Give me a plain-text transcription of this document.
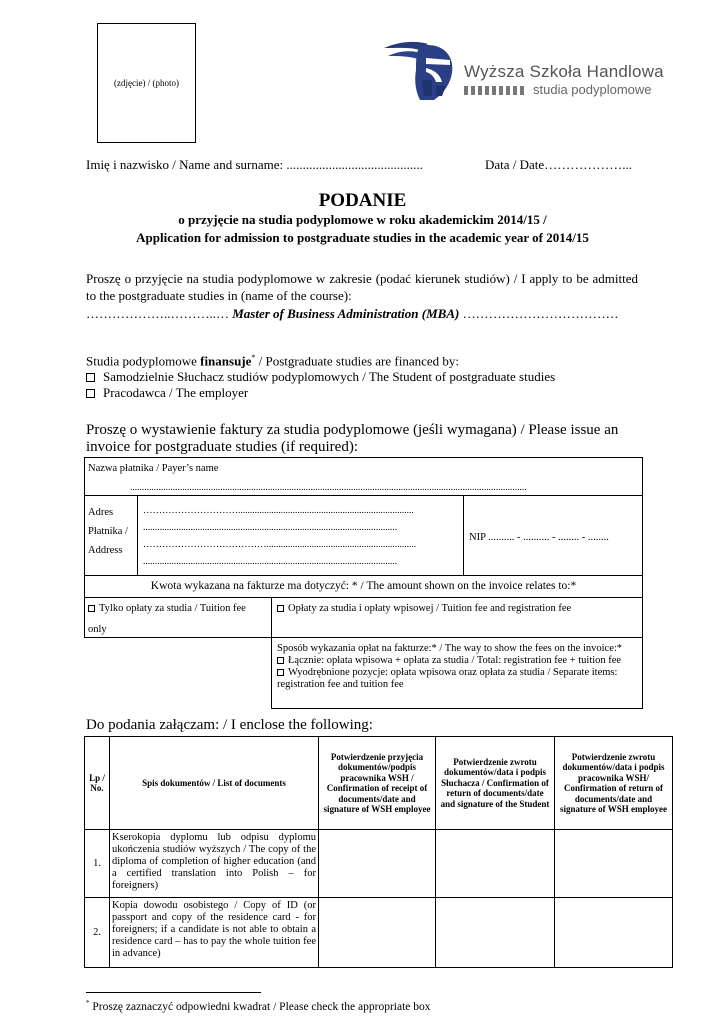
(zdjęcie) / (photo)
Wyższa Szkoła Handlowa
studia podyplomowe
Imię i nazwisko / Name and surname: ..........................................	Data / Date………………...
PODANIE
o przyjęcie na studia podyplomowe w roku akademickim 2014/15 /
Application for admission to postgraduate studies in the academic year of 2014/15
Proszę o przyjęcie na studia podyplomowe w zakresie (podać kierunek studiów) / I apply to be admitted to the postgraduate studies in (name of the course):
………………..………..… Master of Business Administration (MBA) ………………………………
Studia podyplomowe finansuje* / Postgraduate studies are financed by:
Samodzielnie Słuchacz studiów podyplomowych / The Student of postgraduate studies
Pracodawca / The employer
Proszę o wystawienie faktury za studia podyplomowe (jeśli wymagana) / Please issue an invoice for postgraduate studies (if required):
Nazwa płatnika / Payer’s name
.......................................................................................................................................................................
Adres
Płatnika /
Address
…………………………..........................................................................
...........................................................................................................
…………………………………...............................................................
...........................................................................................................
NIP .......... - .......... - ........ - ........
Kwota wykazana na fakturze ma dotyczyć: * / The amount shown on the invoice relates to:*
Tylko opłaty za studia / Tuition fee
only
Opłaty za studia i opłaty wpisowej / Tuition fee and registration fee
Sposób wykazania opłat na fakturze:* / The way to show the fees on the invoice:*
Łącznie: opłata wpisowa + opłata za studia / Total: registration fee + tuition fee
Wyodrębnione pozycje: opłata wpisowa oraz opłata za studia / Separate items: registration fee and tuition fee
Do podania załączam: / I enclose the following:
Lp / No.	Spis dokumentów / List of documents	Potwierdzenie przyjęcia dokumentów/podpis pracownika WSH / Confirmation of receipt of documents/date and signature of WSH employee	Potwierdzenie zwrotu dokumentów/data i podpis Słuchacza / Confirmation of return of documents/date and signature of the Student	Potwierdzenie zwrotu dokumentów/data i podpis pracownika WSH/ Confirmation of return of documents/date and signature of WSH employee
1.	Kserokopia dyplomu lub odpisu dyplomu ukończenia studiów wyższych / The copy of the diploma of completion of higher education (and a certified translation into Polish – for foreigners)			
2.	Kopia dowodu osobistego / Copy of ID (or passport and copy of the residence card - for foreigners; if a candidate is not able to obtain a residence card – has to pay the whole tuition fee in advance)			
* Proszę zaznaczyć odpowiedni kwadrat / Please check the appropriate box
